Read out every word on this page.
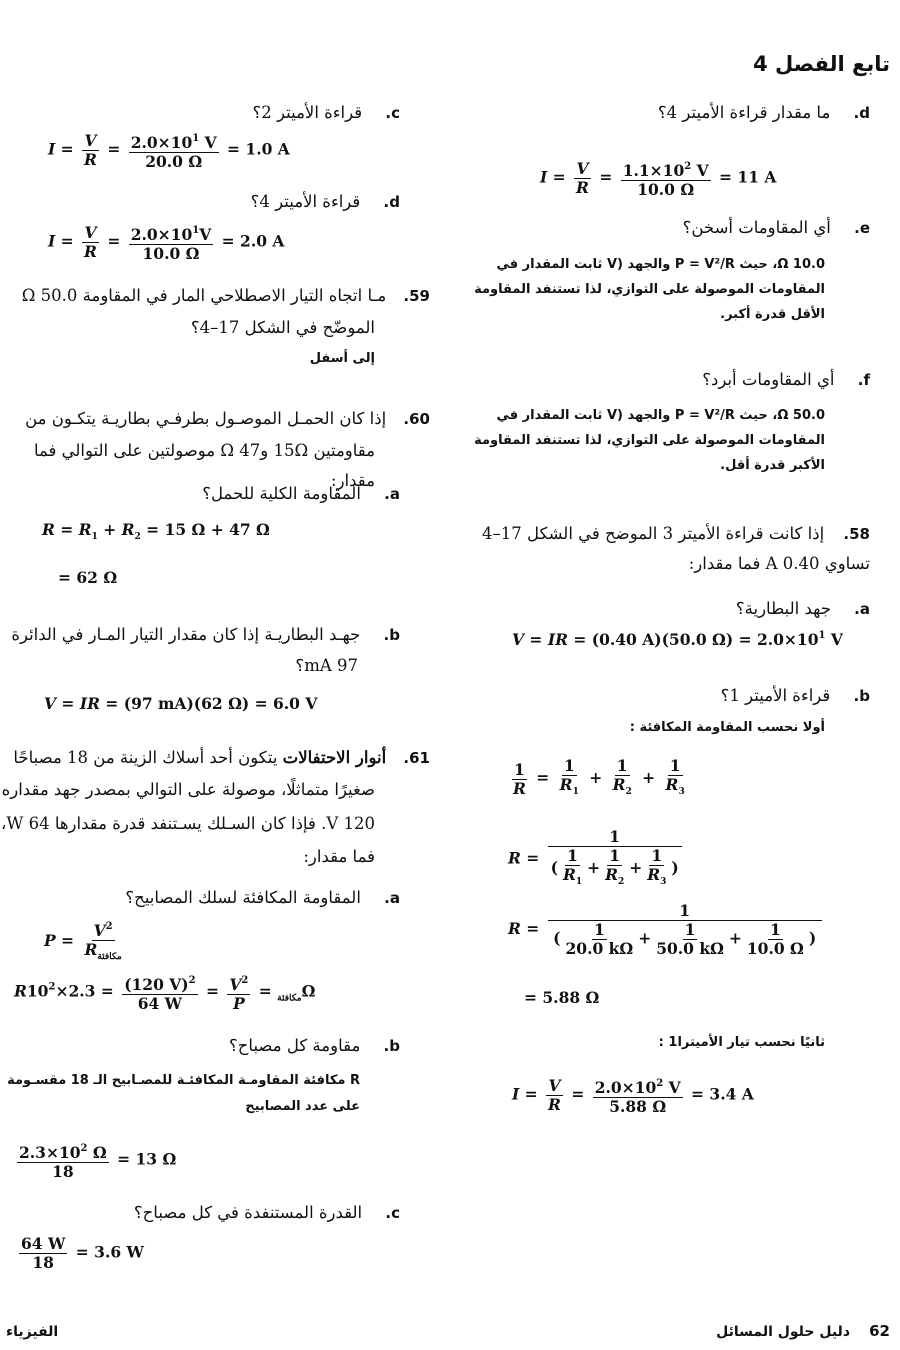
تابع الفصل 4
d. ما مقدار قراءة الأميتر 4؟
$I = \frac{V}{R} = \frac{1.1\times 10^2 V}{10.0 \Omega} = 11$ A
e. أي المقاومات أسخن؟
10.0 Ω، حيث P = V²/R والجهد (V ثابت المقدار في المقاومات الموصولة على التوازي، لذا تستنفد المقاومة الأقل قدرة أكبر.
f. أي المقاومات أبرد؟
50.0 Ω، حيث P = V²/R والجهد (V ثابت المقدار في المقاومات الموصولة على التوازي، لذا تستنفد المقاومة الأكبر قدرة أقل.
58. إذا كانت قراءة الأميتر 3 الموضح في الشكل 17–4 تساوي 0.40 A فما مقدار:
a. جهد البطارية؟
V = IR = (0.40 A)(50.0 $\Omega) = 2.0\times 10^1$ V
b. قراءة الأميتر 1؟
أولا نحسب المقاومة المكافئة :
$\frac{1}{R} = \frac{1}{R_1} + \frac{1}{R_2} + \frac{1}{R_3}$
$R = \frac{1}{( \frac{1}{R_1} + \frac{1}{R_2} + \frac{1}{R_3} )}$
$R = \frac{1}{( \frac{1}{20.0 k\Omega} + \frac{1}{50.0 k\Omega} + \frac{1}{10.0 \Omega} )}$
= 5.88 Ω
ثانيًا نحسب تيار الأميترا1 :
$I = \frac{V}{R} = \frac{2.0\times 10^2 V}{5.88 \Omega} = 3.4$ A
c. قراءة الأميتر 2؟
$I = \frac{V}{R} = \frac{2.0\times 10^1 V}{20.0 \Omega} = 1.0$ A
d. قراءة الأميتر 4؟
$I = \frac{V}{R} = \frac{2.0\times 10^1V}{10.0 \Omega} = 2.0$ A
59. مـا اتجاه التيار الاصطلاحي المار في المقاومة 50.0 Ω
الموضّح في الشكل 17–4؟
إلى أسفل
60. إذا كان الحمـل الموصـول بطرفـي بطاريـة يتكـون من
مقاومتين 15Ω و47 Ω موصولتين على التوالي فما مقدار:
a. المقاومة الكلية للحمل؟
$R = R_1 + R_2 = 15$ Ω + 47 Ω
= 62 Ω
b. جهـد البطاريـة إذا كان مقدار التيار المـار في الدائرة
97 mA؟
V = IR = (97 mA)(62 Ω) = 6.0 V
61. أنوار الاحتفالات يتكون أحد أسلاك الزينة من 18 مصباحًا
صغيرًا متماثلًا، موصولة على التوالي بمصدر جهد مقداره
120 V. فإذا كان السـلك يسـتنفد قدرة مقدارها 64 W،
فما مقدار:
a. المقاومة المكافئة لسلك المصابيح؟
$P = \frac{V^2}{R_{مكافئة}}$
R	$_{مكافئة}$ =
$\frac{V^2}{P}$
=
$\frac{(120 V)^2}{64 W}$
= $2.3\times 10^2$	Ω
b. مقاومة كل مصباح؟
R مكافئة المقاومـة المكافئـة للمصـابيح الـ 18 مقسـومة
على عدد المصابيح
$\frac{2.3\times 10^2 \Omega}{18} = 13$ Ω
c. القدرة المستنفدة في كل مصباح؟
$\frac{64 W}{18} = 3.6$ W
62
دليل حلول المسائل
الفيزياء
